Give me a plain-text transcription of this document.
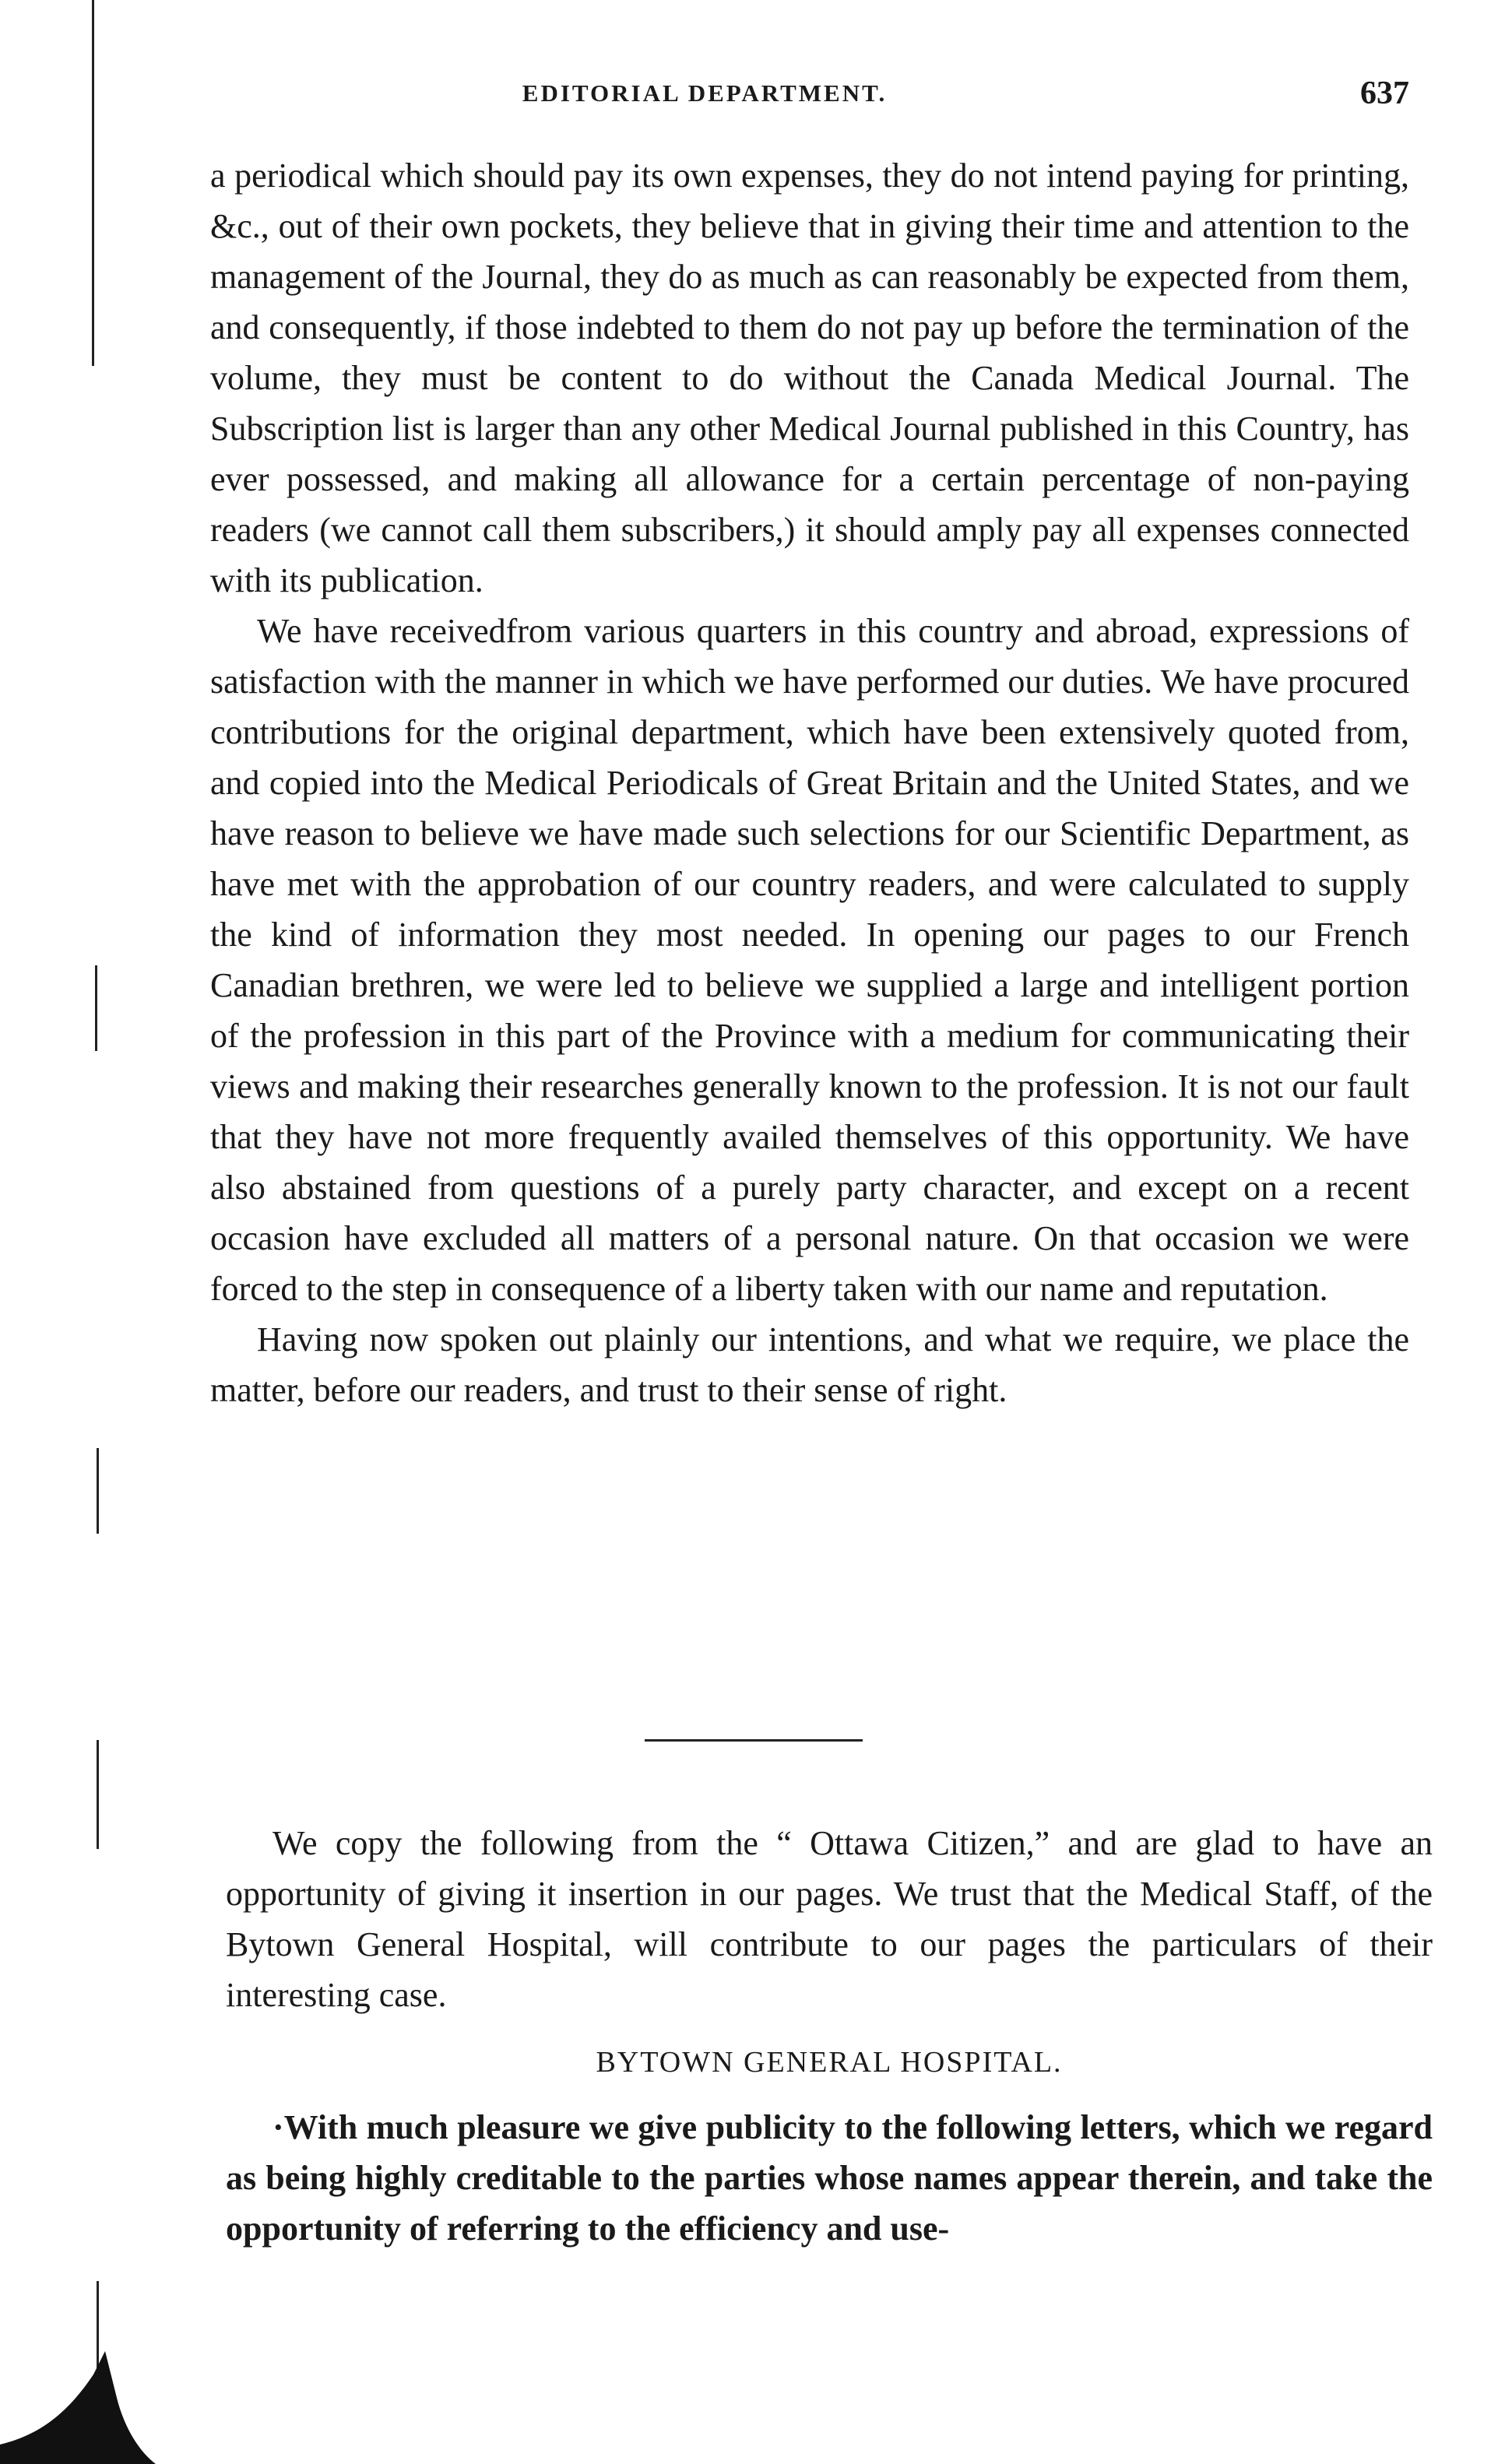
EDITORIAL DEPARTMENT.	637

a periodical which should pay its own expenses, they do not intend paying for printing, &c., out of their own pockets, they believe that in giving their time and attention to the management of the Journal, they do as much as can reasonably be expected from them, and consequently, if those indebted to them do not pay up before the termination of the volume, they must be content to do without the Canada Medical Journal. The Subscription list is larger than any other Medical Journal published in this Country, has ever possessed, and making all allowance for a certain percentage of non-paying readers (we cannot call them subscribers,) it should amply pay all expenses connected with its publication.

We have receivedfrom various quarters in this country and abroad, expressions of satisfaction with the manner in which we have performed our duties. We have procured contributions for the original department, which have been extensively quoted from, and copied into the Medical Periodicals of Great Britain and the United States, and we have reason to believe we have made such selections for our Scientific Department, as have met with the approbation of our country readers, and were calculated to supply the kind of information they most needed. In opening our pages to our French Canadian brethren, we were led to believe we supplied a large and intelligent portion of the profession in this part of the Province with a medium for communicating their views and making their researches generally known to the profession. It is not our fault that they have not more frequently availed themselves of this opportunity. We have also abstained from questions of a purely party character, and except on a recent occasion have excluded all matters of a personal nature. On that occasion we were forced to the step in consequence of a liberty taken with our name and reputation.

Having now spoken out plainly our intentions, and what we require, we place the matter, before our readers, and trust to their sense of right.

We copy the following from the “ Ottawa Citizen,” and are glad to have an opportunity of giving it insertion in our pages. We trust that the Medical Staff, of the Bytown General Hospital, will contribute to our pages the particulars of their interesting case.

BYTOWN GENERAL HOSPITAL.

·With much pleasure we give publicity to the following letters, which we regard as being highly creditable to the parties whose names appear therein, and take the opportunity of referring to the efficiency and use-
